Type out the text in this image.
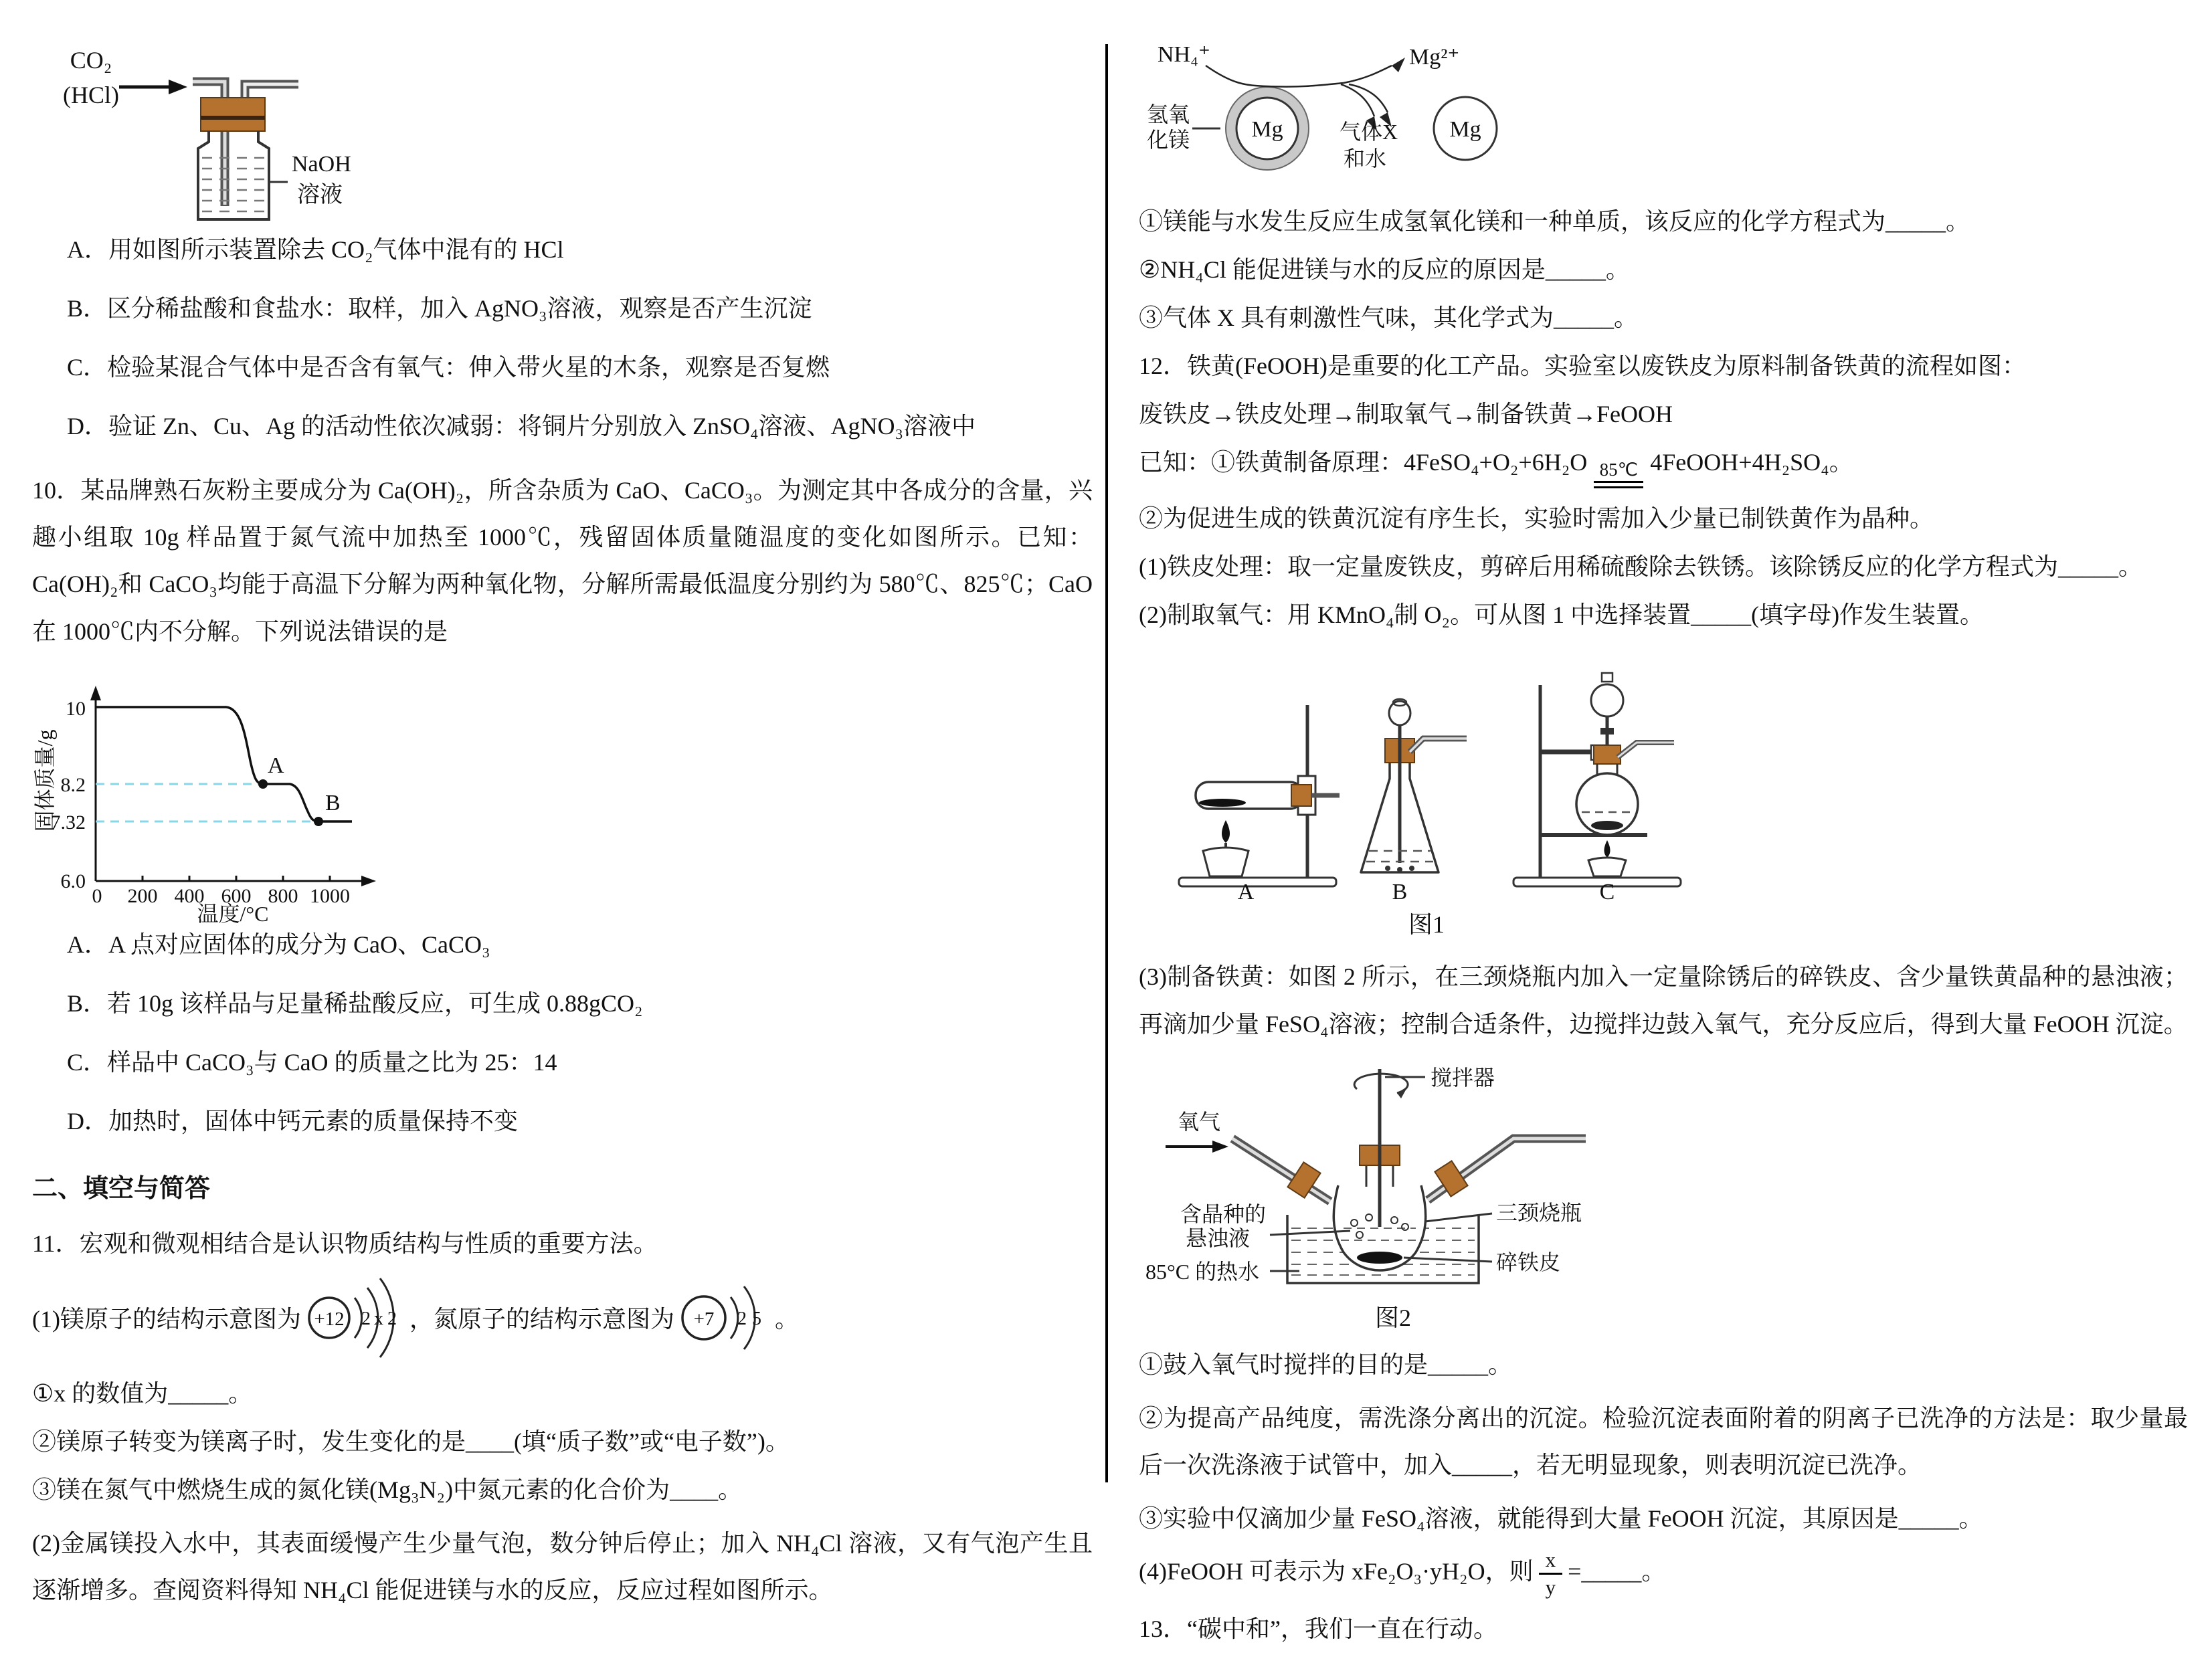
CO₂
(HCl)
NaOH
溶液
A．用如图所示装置除去 CO₂气体中混有的 HCl
B．区分稀盐酸和食盐水：取样，加入 AgNO₃溶液，观察是否产生沉淀
C．检验某混合气体中是否含有氧气：伸入带火星的木条，观察是否复燃
D．验证 Zn、Cu、Ag 的活动性依次减弱：将铜片分别放入 ZnSO₄溶液、AgNO₃溶液中
10．某品牌熟石灰粉主要成分为 Ca(OH)₂，所含杂质为 CaO、CaCO₃。为测定其中各成分的含量，兴趣小组取 10g 样品置于氮气流中加热至 1000℃，残留固体质量随温度的变化如图所示。已知：Ca(OH)₂和 CaCO₃均能于高温下分解为两种氧化物，分解所需最低温度分别约为 580℃、825℃；CaO 在 1000℃内不分解。下列说法错误的是
A
B
10
8.2
7.32
6.0
0 200 400 600 800 1000
温度/°C
固体质量/g
A．A 点对应固体的成分为 CaO、CaCO₃
B．若 10g 该样品与足量稀盐酸反应，可生成 0.88gCO₂
C．样品中 CaCO₃与 CaO 的质量之比为 25：14
D．加热时，固体中钙元素的质量保持不变
二、填空与简答
11．宏观和微观相结合是认识物质结构与性质的重要方法。
(1)镁原子的结构示意图为 +12 2 x 2 ，氮原子的结构示意图为 +7 2 5 。
①x 的数值为_____。
②镁原子转变为镁离子时，发生变化的是____(填“质子数”或“电子数”)。
③镁在氮气中燃烧生成的氮化镁(Mg₃N₂)中氮元素的化合价为____。
(2)金属镁投入水中，其表面缓慢产生少量气泡，数分钟后停止；加入 NH₄Cl 溶液，又有气泡产生且逐渐增多。查阅资料得知 NH₄Cl 能促进镁与水的反应，反应过程如图所示。
NH₄⁺
氢氧
化镁	Mg
Mg²⁺
气体X
和水
Mg
①镁能与水发生反应生成氢氧化镁和一种单质，该反应的化学方程式为_____。
②NH₄Cl 能促进镁与水的反应的原因是_____。
③气体 X 具有刺激性气味，其化学式为_____。
12．铁黄(FeOOH)是重要的化工产品。实验室以废铁皮为原料制备铁黄的流程如图：
废铁皮→铁皮处理→制取氧气→制备铁黄→FeOOH
已知：①铁黄制备原理：4FeSO₄+O₂+6H₂O 85℃ 4FeOOH+4H₂SO₄。
②为促进生成的铁黄沉淀有序生长，实验时需加入少量已制铁黄作为晶种。
(1)铁皮处理：取一定量废铁皮，剪碎后用稀硫酸除去铁锈。该除锈反应的化学方程式为_____。
(2)制取氧气：用 KMnO₄制 O₂。可从图 1 中选择装置_____(填字母)作发生装置。
A	B	C
图1
(3)制备铁黄：如图 2 所示，在三颈烧瓶内加入一定量除锈后的碎铁皮、含少量铁黄晶种的悬浊液；再滴加少量 FeSO₄溶液；控制合适条件，边搅拌边鼓入氧气，充分反应后，得到大量 FeOOH 沉淀。
搅拌器
氧气
含晶种的
悬浊液
85°C 的热水
三颈烧瓶
碎铁皮
图2
①鼓入氧气时搅拌的目的是_____。
②为提高产品纯度，需洗涤分离出的沉淀。检验沉淀表面附着的阴离子已洗净的方法是：取少量最后一次洗涤液于试管中，加入_____，若无明显现象，则表明沉淀已洗净。
③实验中仅滴加少量 FeSO₄溶液，就能得到大量 FeOOH 沉淀，其原因是_____。
(4)FeOOH 可表示为 xFe₂O₃·yH₂O，则 $\frac{x}{y}$ =_____。
13．“碳中和”，我们一直在行动。
